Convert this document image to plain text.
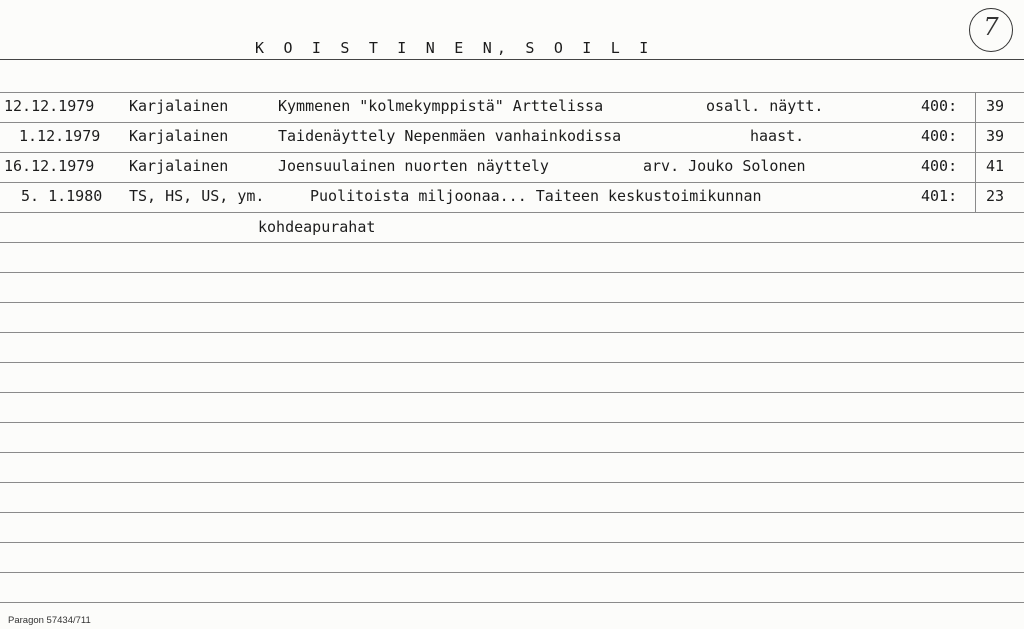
K O I S T I N E N, S O I L I
7
12.12.1979 Karjalainen	Kymmenen "kolmekymppistä" Arttelissa	osall. näytt.	400: 39
1.12.1979 Karjalainen	Taidenäyttely Nepenmäen vanhainkodissa	haast.	400: 39
16.12.1979 Karjalainen	Joensuulainen nuorten näyttely	arv. Jouko Solonen	400: 41
5. 1.1980 TS, HS, US, ym.	Puolitoista miljoonaa... Taiteen keskustoimikunnan	401: 23
kohdeapurahat
Paragon 57434/711
